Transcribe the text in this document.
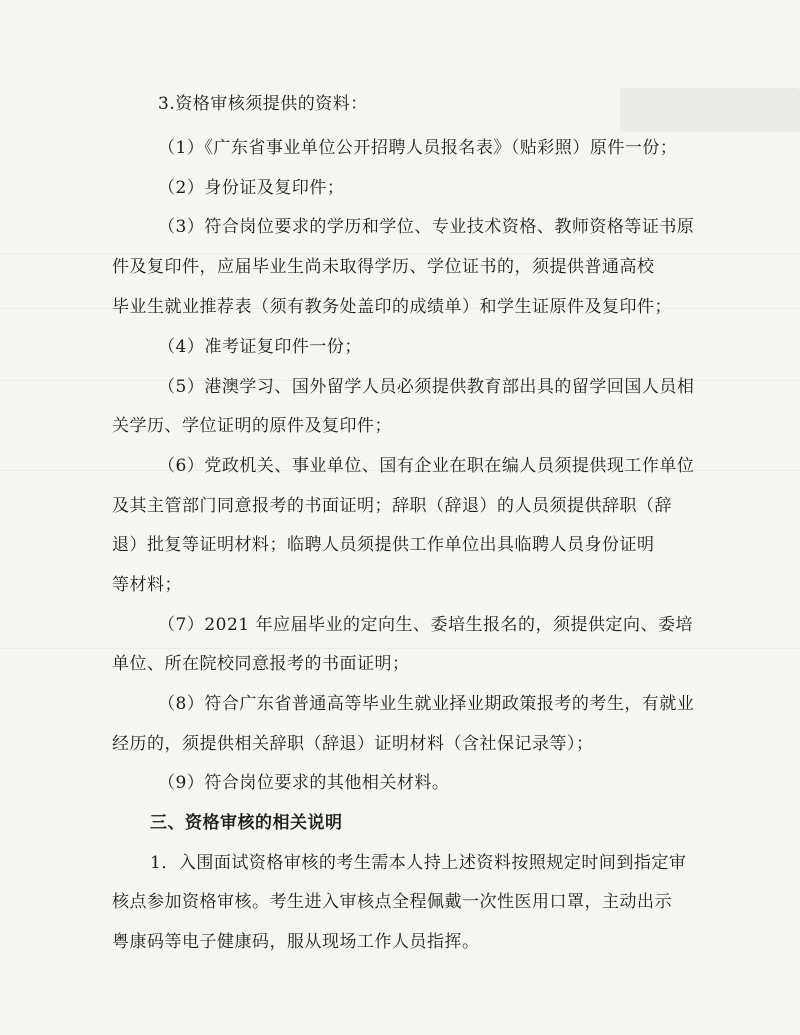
3.资格审核须提供的资料：
（1）《广东省事业单位公开招聘人员报名表》（贴彩照）原件一份；
（2）身份证及复印件；
（3）符合岗位要求的学历和学位、专业技术资格、教师资格等证书原
件及复印件，应届毕业生尚未取得学历、学位证书的，须提供普通高校
毕业生就业推荐表（须有教务处盖印的成绩单）和学生证原件及复印件；
（4）准考证复印件一份；
（5）港澳学习、国外留学人员必须提供教育部出具的留学回国人员相
关学历、学位证明的原件及复印件；
（6）党政机关、事业单位、国有企业在职在编人员须提供现工作单位
及其主管部门同意报考的书面证明；辞职（辞退）的人员须提供辞职（辞
退）批复等证明材料；临聘人员须提供工作单位出具临聘人员身份证明
等材料；
（7）2021 年应届毕业的定向生、委培生报名的，须提供定向、委培
单位、所在院校同意报考的书面证明；
（8）符合广东省普通高等毕业生就业择业期政策报考的考生，有就业
经历的，须提供相关辞职（辞退）证明材料（含社保记录等）；
（9）符合岗位要求的其他相关材料。
三、资格审核的相关说明
1．入围面试资格审核的考生需本人持上述资料按照规定时间到指定审
核点参加资格审核。考生进入审核点全程佩戴一次性医用口罩，主动出示
粤康码等电子健康码，服从现场工作人员指挥。
